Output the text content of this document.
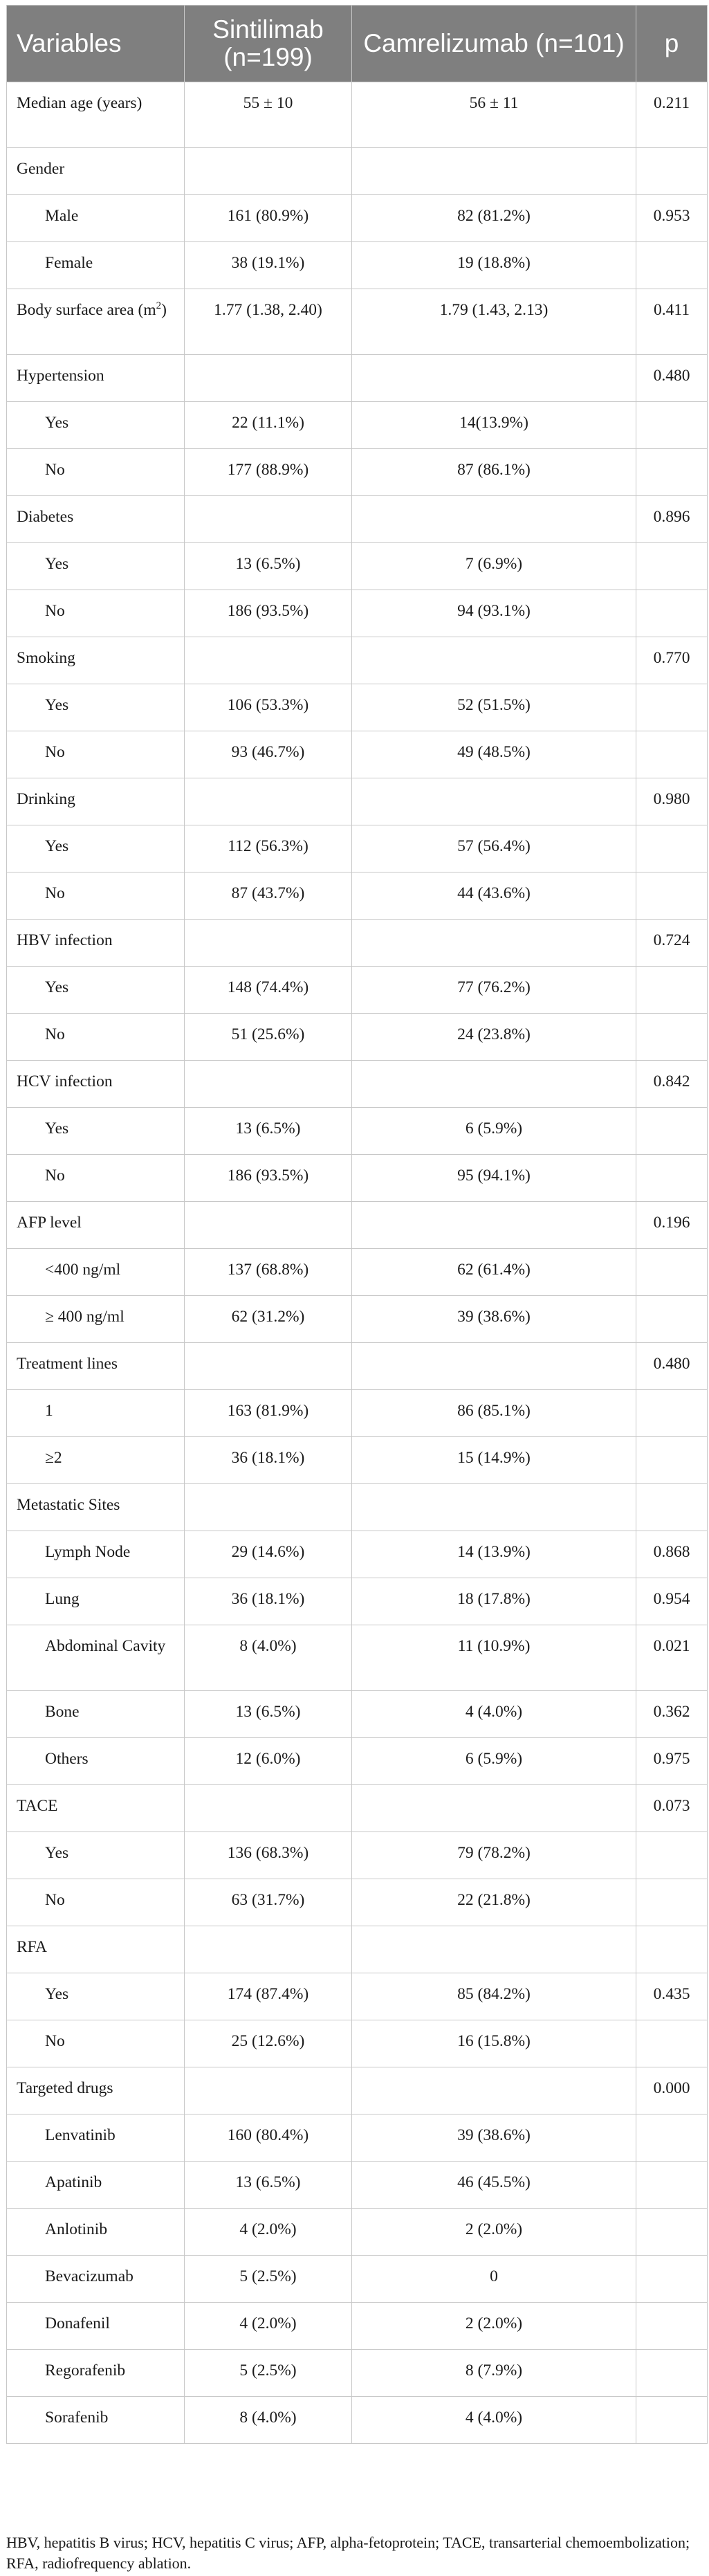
Variables	Sintilimab (n=199)	Camrelizumab (n=101)	p
Median age (years)	55 ± 10	56 ± 11	0.211
Gender			
Male	161 (80.9%)	82 (81.2%)	0.953
Female	38 (19.1%)	19 (18.8%)	
Body surface area $(m^2)$	1.77 (1.38, 2.40)	1.79 (1.43, 2.13)	0.411
Hypertension			0.480
Yes	22 (11.1%)	14(13.9%)	
No	177 (88.9%)	87 (86.1%)	
Diabetes			0.896
Yes	13 (6.5%)	7 (6.9%)	
No	186 (93.5%)	94 (93.1%)	
Smoking			0.770
Yes	106 (53.3%)	52 (51.5%)	
No	93 (46.7%)	49 (48.5%)	
Drinking			0.980
Yes	112 (56.3%)	57 (56.4%)	
No	87 (43.7%)	44 (43.6%)	
HBV infection			0.724
Yes	148 (74.4%)	77 (76.2%)	
No	51 (25.6%)	24 (23.8%)	
HCV infection			0.842
Yes	13 (6.5%)	6 (5.9%)	
No	186 (93.5%)	95 (94.1%)	
AFP level			0.196
<400 ng/ml	137 (68.8%)	62 (61.4%)	
≥ 400 ng/ml	62 (31.2%)	39 (38.6%)	
Treatment lines			0.480
1	163 (81.9%)	86 (85.1%)	
≥2	36 (18.1%)	15 (14.9%)	
Metastatic Sites			
Lymph Node	29 (14.6%)	14 (13.9%)	0.868
Lung	36 (18.1%)	18 (17.8%)	0.954
Abdominal Cavity	8 (4.0%)	11 (10.9%)	0.021
Bone	13 (6.5%)	4 (4.0%)	0.362
Others	12 (6.0%)	6 (5.9%)	0.975
TACE			0.073
Yes	136 (68.3%)	79 (78.2%)	
No	63 (31.7%)	22 (21.8%)	
RFA			
Yes	174 (87.4%)	85 (84.2%)	0.435
No	25 (12.6%)	16 (15.8%)	
Targeted drugs			0.000
Lenvatinib	160 (80.4%)	39 (38.6%)	
Apatinib	13 (6.5%)	46 (45.5%)	
Anlotinib	4 (2.0%)	2 (2.0%)	
Bevacizumab	5 (2.5%)	0	
Donafenil	4 (2.0%)	2 (2.0%)	
Regorafenib	5 (2.5%)	8 (7.9%)	
Sorafenib	8 (4.0%)	4 (4.0%)	
HBV, hepatitis B virus; HCV, hepatitis C virus; AFP, alpha-fetoprotein; TACE, transarterial chemoembolization; RFA, radiofrequency ablation.
